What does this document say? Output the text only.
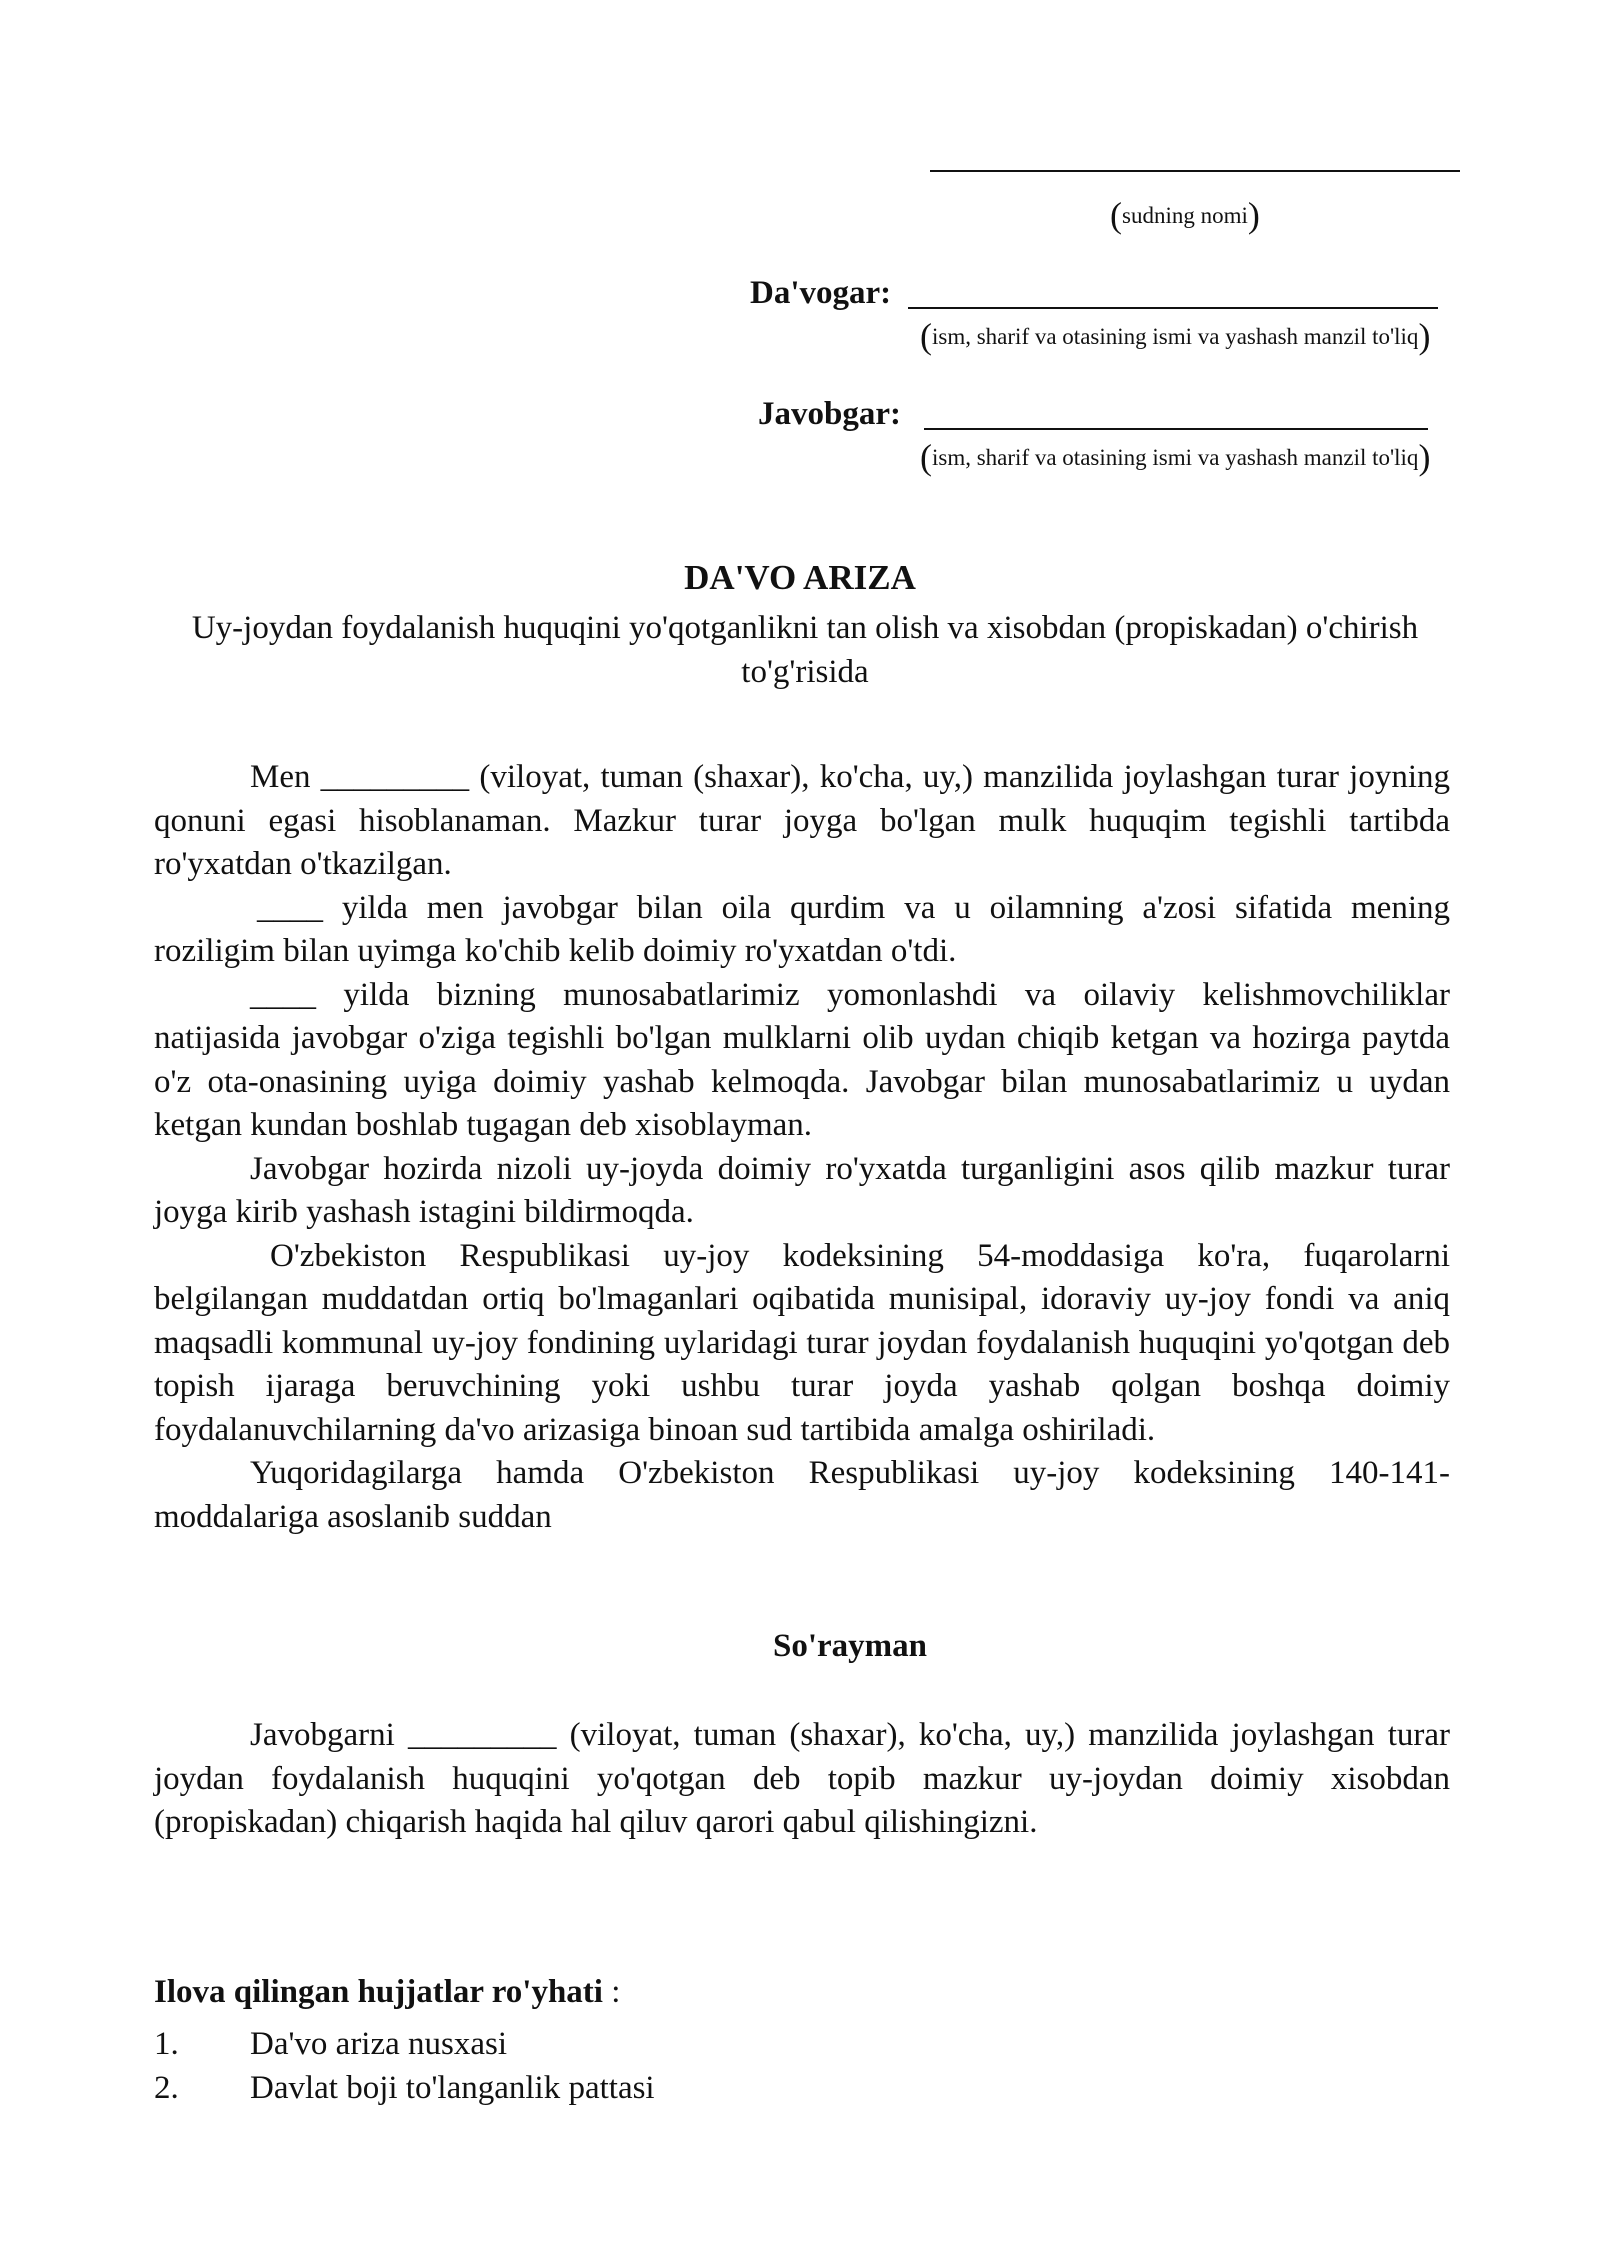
(sudning nomi)
Da'vogar:
(ism, sharif va otasining ismi va yashash manzil to'liq)
Javobgar:
(ism, sharif va otasining ismi va yashash manzil to'liq)
DA'VO ARIZA
Uy-joydan foydalanish huquqini yo'qotganlikni tan olish va xisobdan (propiskadan) o'chirish to'g'risida

Men _________ (viloyat, tuman (shaxar), ko'cha, uy,) manzilida joylashgan turar joyning qonuni egasi hisoblanaman. Mazkur turar joyga bo'lgan mulk huquqim tegishli tartibda ro'yxatdan o'tkazilgan.

____ yilda men javobgar bilan oila qurdim va u oilamning a'zosi sifatida mening roziligim bilan uyimga ko'chib kelib doimiy ro'yxatdan o'tdi.

____ yilda bizning munosabatlarimiz yomonlashdi va oilaviy kelishmovchiliklar natijasida javobgar o'ziga tegishli bo'lgan mulklarni olib uydan chiqib ketgan va hozirga paytda o'z ota-onasining uyiga doimiy yashab kelmoqda. Javobgar bilan munosabatlarimiz u uydan ketgan kundan boshlab tugagan deb xisoblayman.

Javobgar hozirda nizoli uy-joyda doimiy ro'yxatda turganligini asos qilib mazkur turar joyga kirib yashash istagini bildirmoqda.

O'zbekiston Respublikasi uy-joy kodeksining 54-moddasiga ko'ra, fuqarolarni belgilangan muddatdan ortiq bo'lmaganlari oqibatida munisipal, idoraviy uy-joy fondi va aniq maqsadli kommunal uy-joy fondining uylaridagi turar joydan foydalanish huquqini yo'qotgan deb topish ijaraga beruvchining yoki ushbu turar joyda yashab qolgan boshqa doimiy foydalanuvchilarning da'vo arizasiga binoan sud tartibida amalga oshiriladi.

Yuqoridagilarga hamda O'zbekiston Respublikasi uy-joy kodeksining 140-141-moddalariga asoslanib suddan

So'rayman
Javobgarni _________ (viloyat, tuman (shaxar), ko'cha, uy,) manzilida joylashgan turar joydan foydalanish huquqini yo'qotgan deb topib mazkur uy-joydan doimiy xisobdan (propiskadan) chiqarish haqida hal qiluv qarori qabul qilishingizni.
Ilova qilingan hujjatlar ro'yhati :
1.	Da'vo ariza nusxasi
2.	Davlat boji to'langanlik pattasi
